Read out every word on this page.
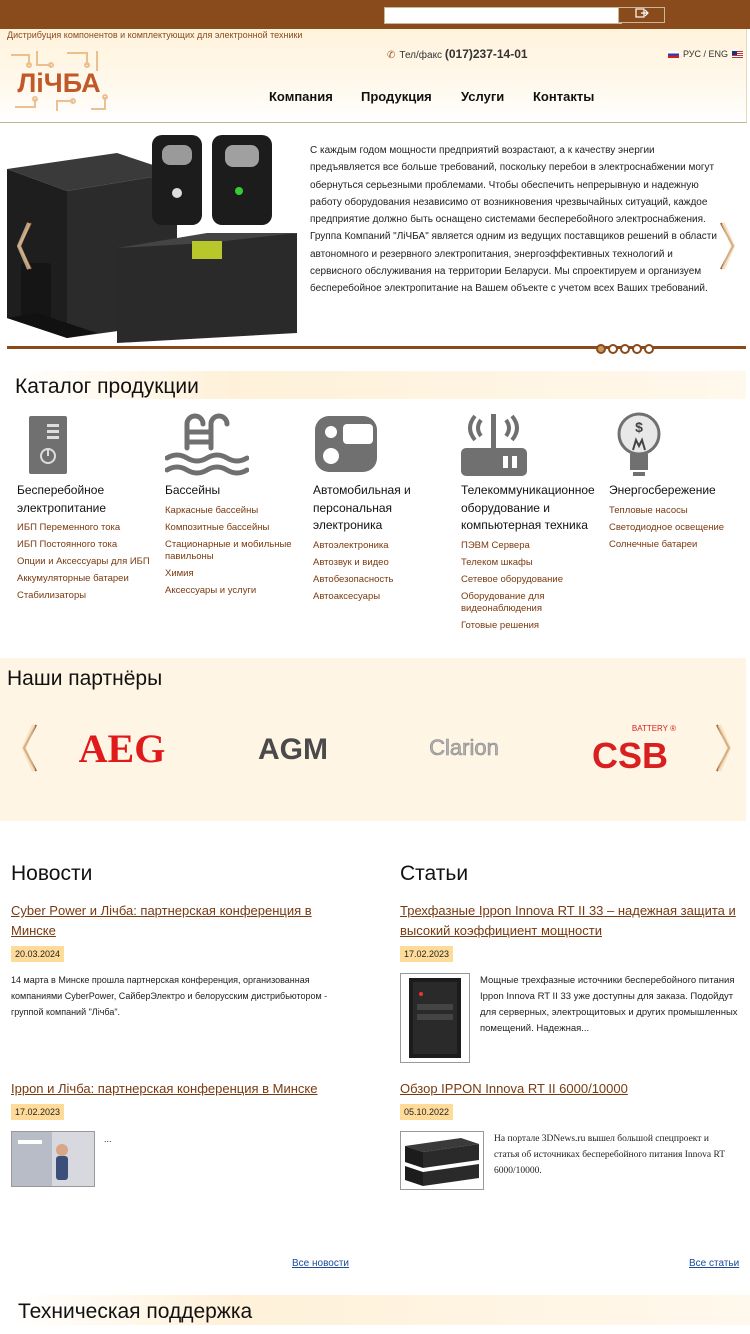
Дистрибуция компонентов и комплектующих для электронной техники
ЛіЧБА
✆ Тел/факс (017)237-14-01	РУС / ENG
Компания Продукция Услуги Контакты
С каждым годом мощности предприятий возрастают, а к качеству энергии предъявляется все больше требований, поскольку перебои в электроснабжении могут обернуться серьезными проблемами. Чтобы обеспечить непрерывную и надежную работу оборудования независимо от возникновения чрезвычайных ситуаций, каждое предприятие должно быть оснащено системами бесперебойного электроснабжения. Группа Компаний "ЛіЧБА" является одним из ведущих поставщиков решений в области автономного и резервного электропитания, энергоэффективных технологий и сервисного обслуживания на территории Беларуси. Мы спроектируем и организуем бесперебойное электропитание на Вашем объекте с учетом всех Ваших требований.
Каталог продукции
Бесперебойное электропитание
ИБП Переменного тока
ИБП Постоянного тока
Опции и Аксессуары для ИБП
Аккумуляторные батареи
Стабилизаторы
Бассейны
Каркасные бассейны
Композитные бассейны
Стационарные и мобильные павильоны
Химия
Аксессуары и услуги
Автомобильная и персональная электроника
Автоэлектроника
Автозвук и видео
Автобезопасность
Автоаксесуары
Телекоммуникационное оборудование и компьютерная техника
ПЭВМ Сервера
Телеком шкафы
Сетевое оборудование
Оборудование для видеонаблюдения
Готовые решения
$
Энергосбережение
Тепловые насосы
Светодиодное освещение
Солнечные батареи
Наши партнёры
AEG	AGM	Clarion
BATTERY ®
CSB
Новости
Cyber Power и Лічба: партнерская конференция в Минске
20.03.2024
14 марта в Минске прошла партнерская конференция, организованная компаниями CyberPower, СайберЭлектро и белорусским дистрибьютором - группой компаний "Лічба".
Ippon и Лічба: партнерская конференция в Минске
17.02.2023
...
Все новости
Статьи
Трехфазные Ippon Innova RT II 33 – надежная защита и высокий коэффициент мощности
17.02.2023
Мощные трехфазные источники бесперебойного питания Ippon Innova RT II 33 уже доступны для заказа. Подойдут для серверных, электрощитовых и других промышленных помещений. Надежная...
Обзор IPPON Innova RT II 6000/10000
05.10.2022
На портале 3DNews.ru вышел большой спецпроект и статья об источниках бесперебойного питания Innova RT 6000/10000.
Все статьи
Техническая поддержка
